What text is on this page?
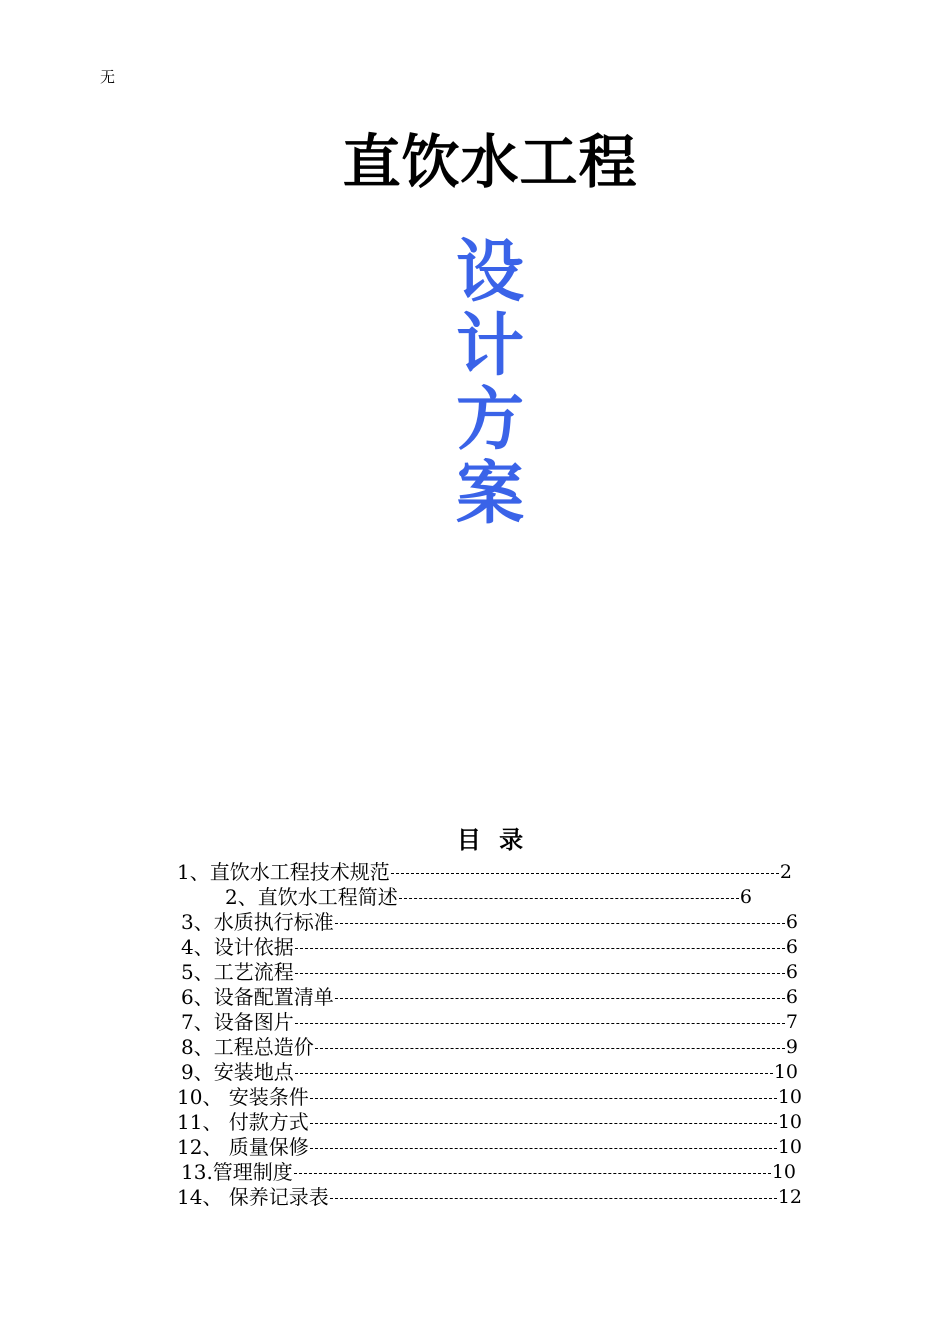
无
直饮水工程
设
计
方
案
目 录
1、直饮水工程技术规范	2
2、直饮水工程简述	6
3、水质执行标准	6
4、设计依据	6
5、工艺流程	6
6、设备配置清单	6
7、设备图片	7
8、工程总造价	9
9、安装地点	10
10、 安装条件	10
11、 付款方式	10
12、 质量保修	10
13.管理制度	10
14、 保养记录表	12
